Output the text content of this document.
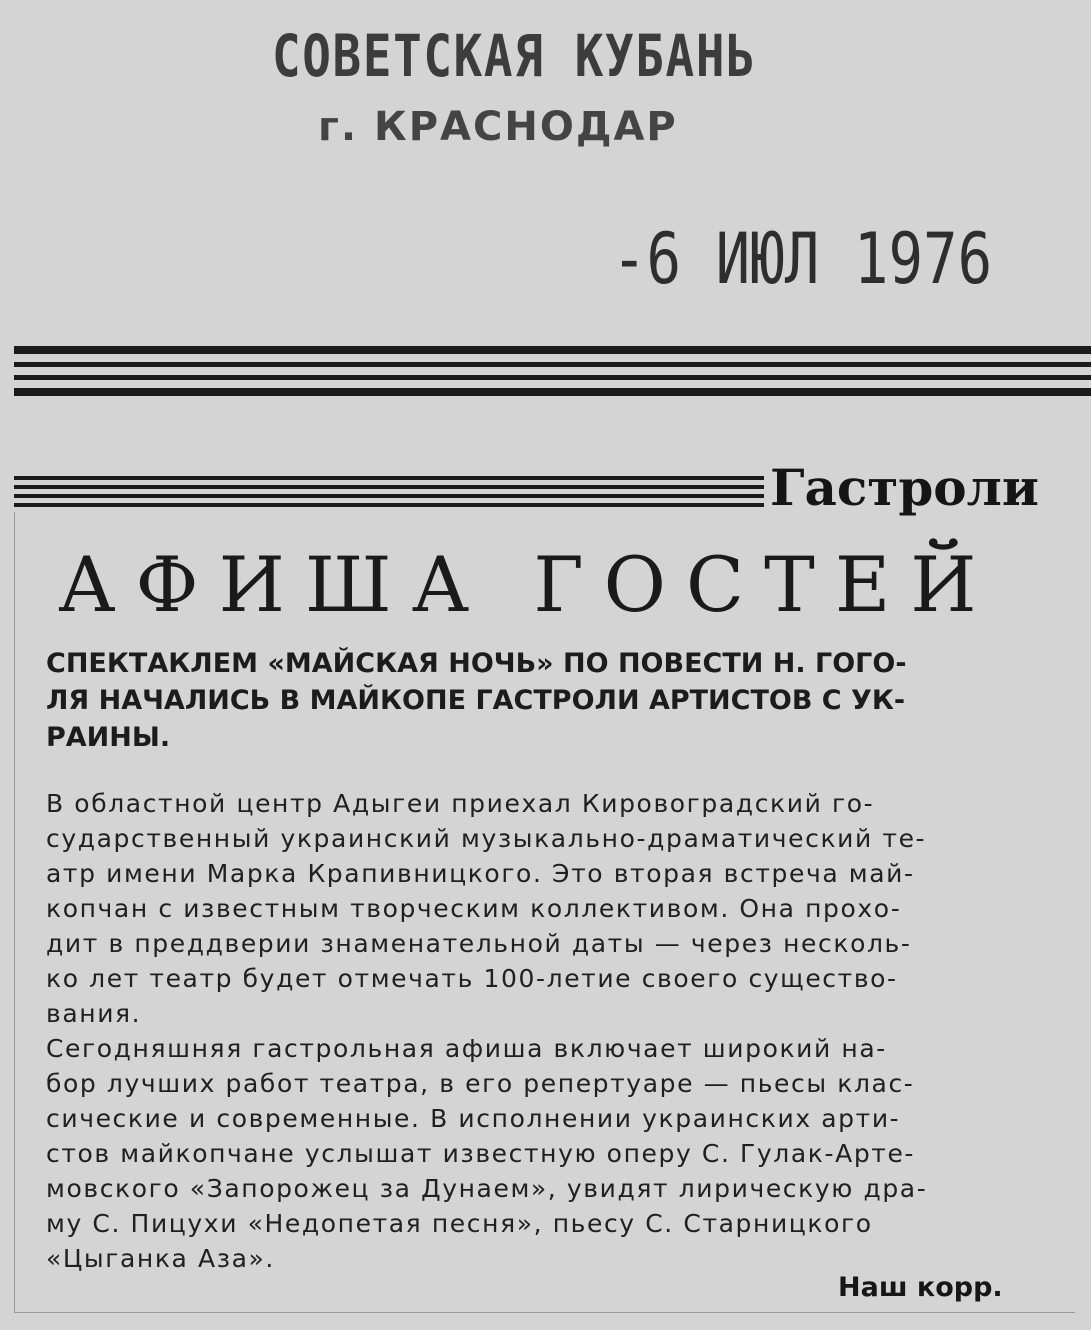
СОВЕТСКАЯ КУБАНЬ
г. КРАСНОДАР
-6 ИЮЛ 1976
Гастроли
АФИША ГОСТЕЙ
СПЕКТАКЛЕМ «МАЙСКАЯ НОЧЬ» ПО ПОВЕСТИ Н. ГОГО-
ЛЯ НАЧАЛИСЬ В МАЙКОПЕ ГАСТРОЛИ АРТИСТОВ С УК-
РАИНЫ.
В областной центр Адыгеи приехал Кировоградский го-
сударственный украинский музыкально-драматический те-
атр имени Марка Крапивницкого. Это вторая встреча май-
копчан с известным творческим коллективом. Она прохо-
дит в преддверии знаменательной даты — через несколь-
ко лет театр будет отмечать 100-летие своего существо-
вания.
Сегодняшняя гастрольная афиша включает широкий на-
бор лучших работ театра, в его репертуаре — пьесы клас-
сические и современные. В исполнении украинских арти-
стов майкопчане услышат известную оперу С. Гулак-Арте-
мовского «Запорожец за Дунаем», увидят лирическую дра-
му С. Пицухи «Недопетая песня», пьесу С. Старницкого
«Цыганка Аза».
Наш корр.
